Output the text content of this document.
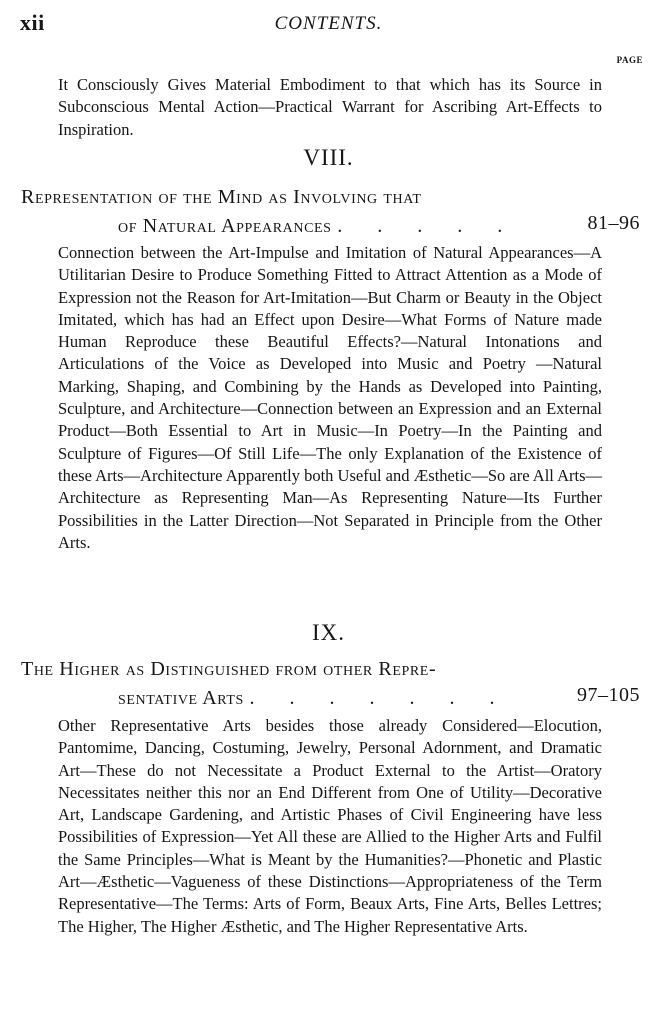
xii	CONTENTS.
PAGE

It Consciously Gives Material Embodiment to that which has its Source in Subconscious Mental Action—Practical Warrant for Ascribing Art-Effects to Inspiration.

VIII.
Representation of the Mind as Involving that
of Natural Appearances . . . . .	81–96

Connection between the Art-Impulse and Imitation of Natural Appearances—A Utilitarian Desire to Produce Something Fitted to Attract Attention as a Mode of Expression not the Reason for Art-Imitation—But Charm or Beauty in the Object Imitated, which has had an Effect upon Desire—What Forms of Nature made Human Reproduce these Beautiful Effects?—Natural Intonations and Articulations of the Voice as Developed into Music and Poetry —Natural Marking, Shaping, and Combining by the Hands as Developed into Painting, Sculpture, and Architecture—Connection between an Expression and an External Product—Both Essential to Art in Music—In Poetry—In the Painting and Sculpture of Figures—Of Still Life—The only Explanation of the Existence of these Arts—Architecture Apparently both Useful and Æsthetic—So are All Arts—Architecture as Representing Man—As Representing Nature—Its Further Possibilities in the Latter Direction—Not Separated in Principle from the Other Arts.

IX.
The Higher as Distinguished from other Repre-
sentative Arts . . . . . . .	97–105

Other Representative Arts besides those already Considered—Elocution, Pantomime, Dancing, Costuming, Jewelry, Personal Adornment, and Dramatic Art—These do not Necessitate a Product External to the Artist—Oratory Necessitates neither this nor an End Different from One of Utility—Decorative Art, Landscape Gardening, and Artistic Phases of Civil Engineering have less Possibilities of Expression—Yet All these are Allied to the Higher Arts and Fulfil the Same Principles—What is Meant by the Humanities?—Phonetic and Plastic Art—Æsthetic—Vagueness of these Distinctions—Appropriateness of the Term Representative—The Terms: Arts of Form, Beaux Arts, Fine Arts, Belles Lettres; The Higher, The Higher Æsthetic, and The Higher Representative Arts.
